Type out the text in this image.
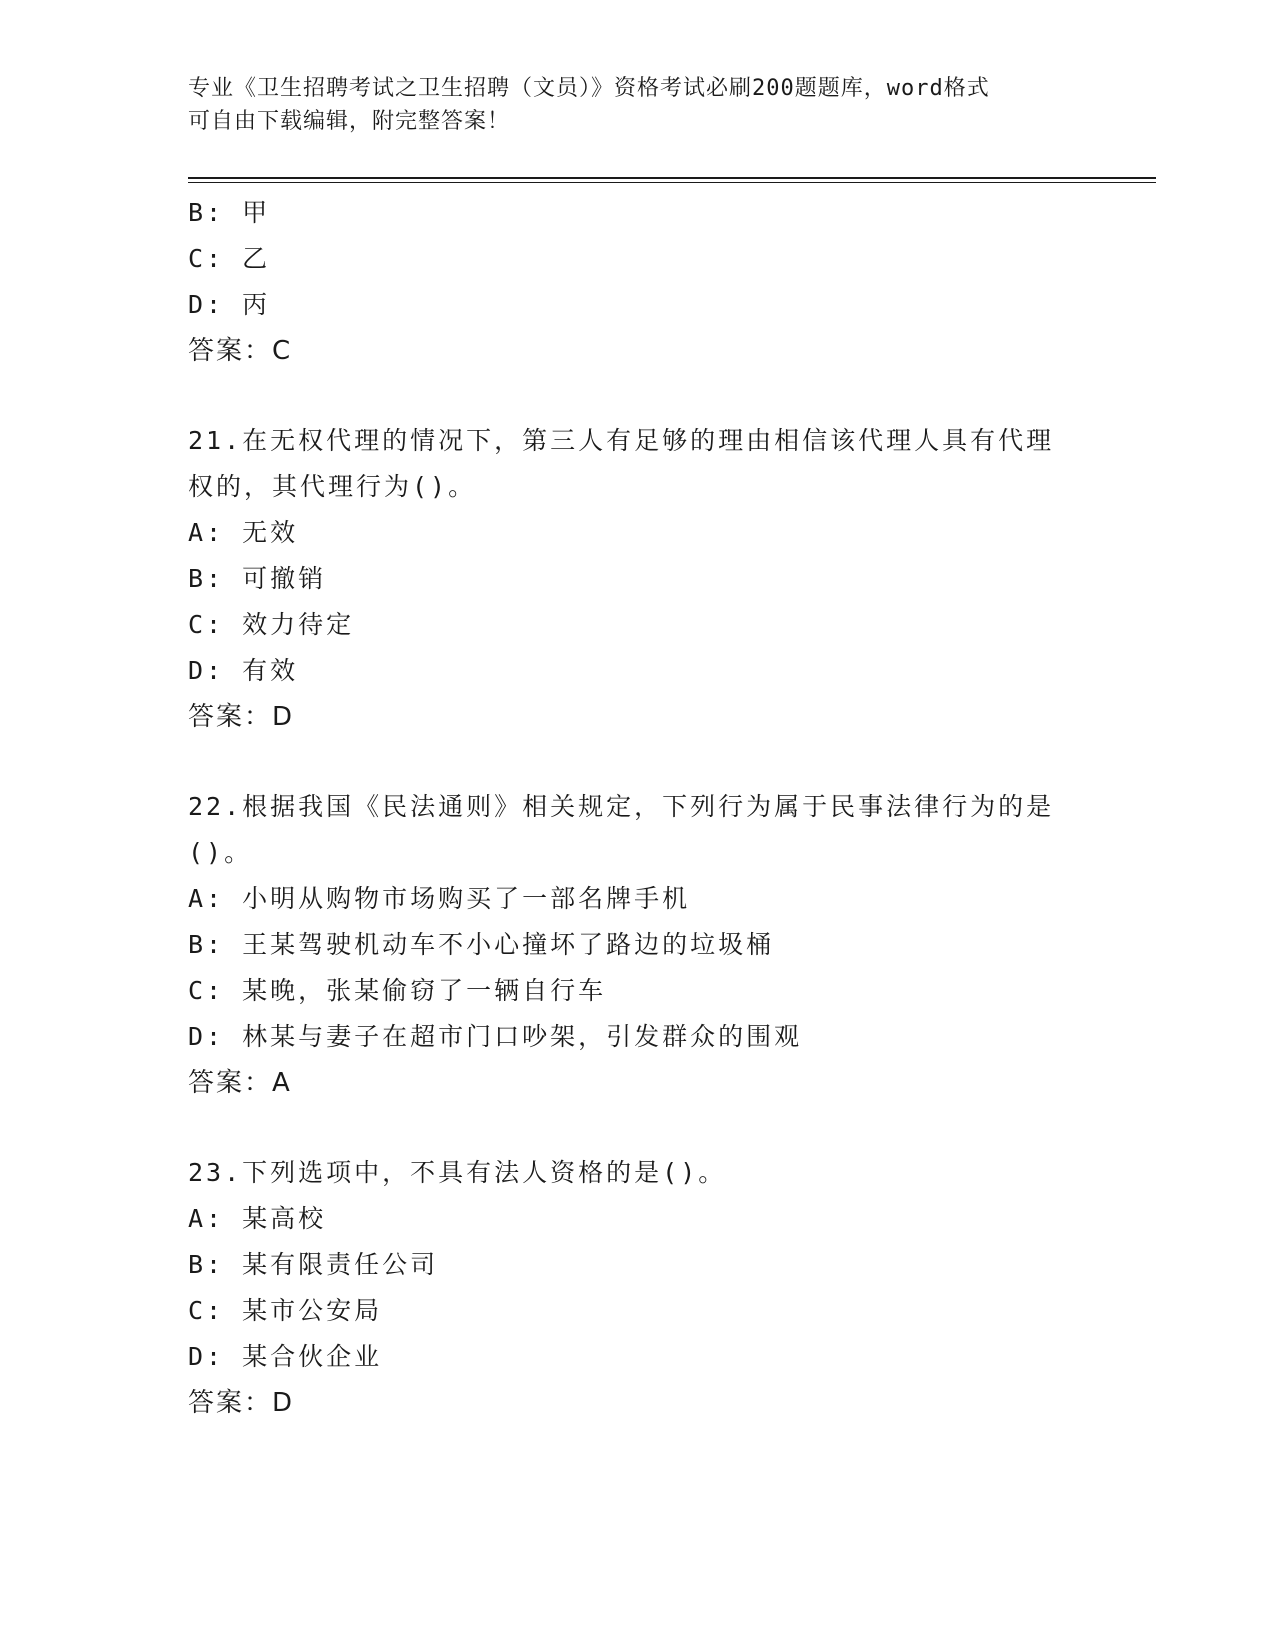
专业《卫生招聘考试之卫生招聘（文员）》资格考试必刷200题题库，word格式
可自由下载编辑，附完整答案！
B: 甲
C: 乙
D: 丙
答案：C
21.在无权代理的情况下，第三人有足够的理由相信该代理人具有代理
权的，其代理行为()。
A: 无效
B: 可撤销
C: 效力待定
D: 有效
答案：D
22.根据我国《民法通则》相关规定，下列行为属于民事法律行为的是
()。
A: 小明从购物市场购买了一部名牌手机
B: 王某驾驶机动车不小心撞坏了路边的垃圾桶
C: 某晚，张某偷窃了一辆自行车
D: 林某与妻子在超市门口吵架，引发群众的围观
答案：A
23.下列选项中，不具有法人资格的是()。
A: 某高校
B: 某有限责任公司
C: 某市公安局
D: 某合伙企业
答案：D
